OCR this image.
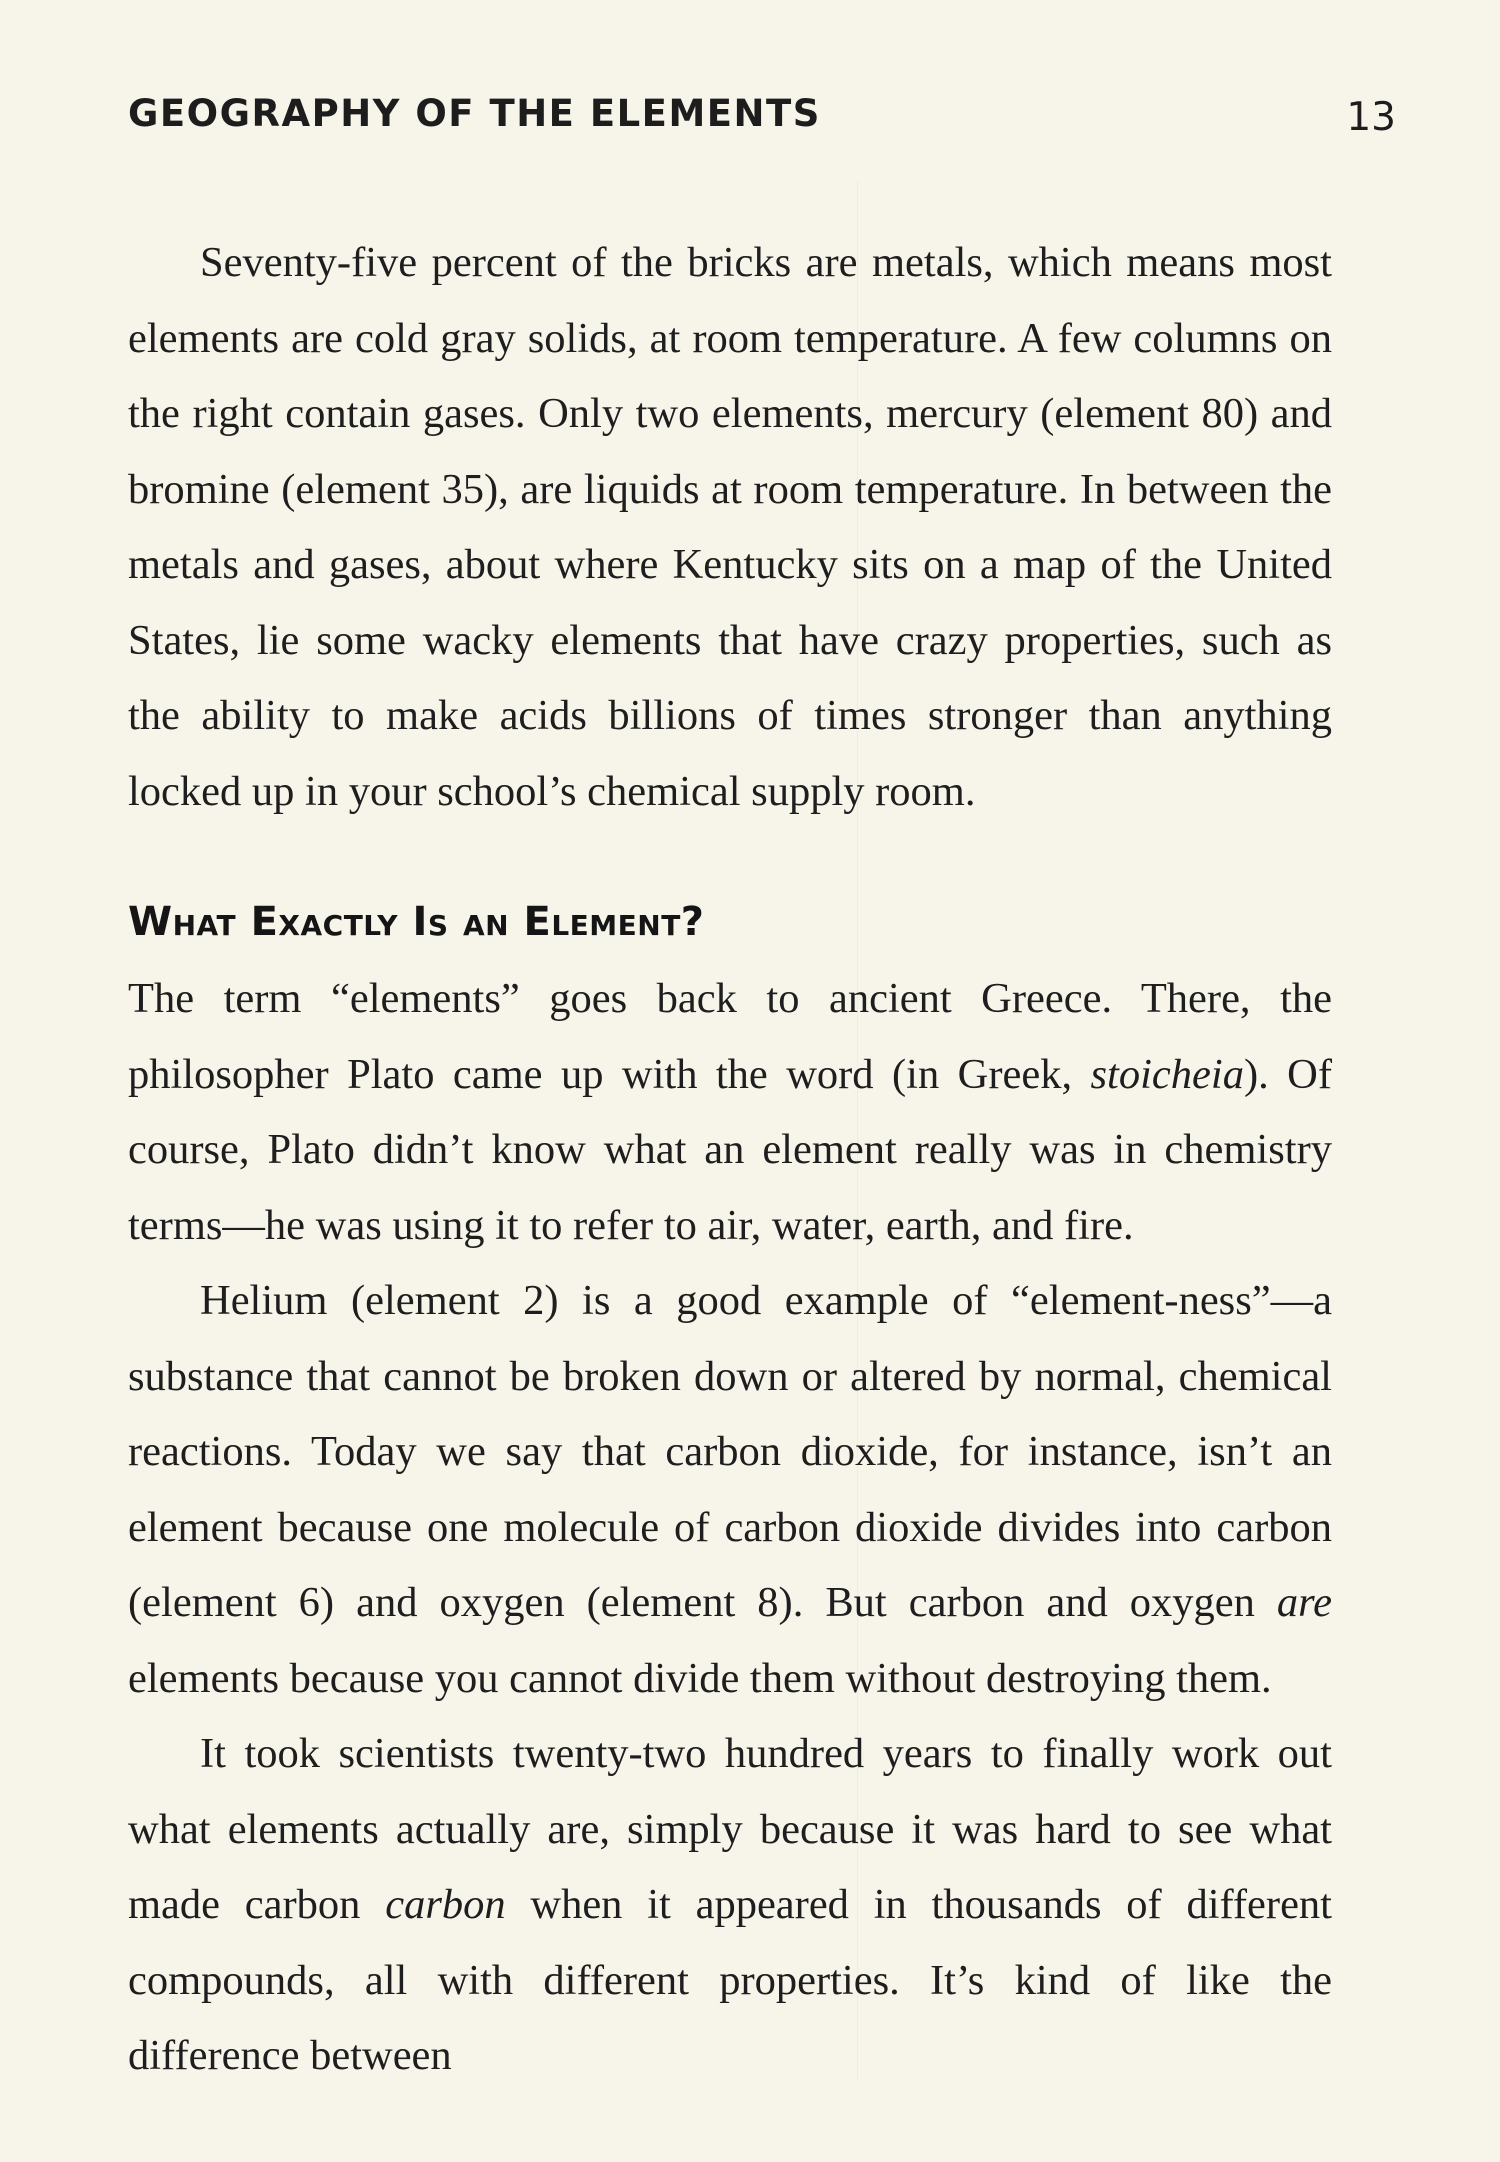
GEOGRAPHY OF THE ELEMENTS	13

Seventy-five percent of the bricks are metals, which means most elements are cold gray solids, at room temperature. A few columns on the right contain gases. Only two elements, mercury (element 80) and bromine (element 35), are liquids at room temperature. In between the metals and gases, about where Kentucky sits on a map of the United States, lie some wacky elements that have crazy properties, such as the ability to make acids billions of times stronger than anything locked up in your school’s chemical supply room.

What Exactly Is an Element?

The term “elements” goes back to ancient Greece. There, the philosopher Plato came up with the word (in Greek, stoicheia). Of course, Plato didn’t know what an element really was in chemistry terms—he was using it to refer to air, water, earth, and fire.

Helium (element 2) is a good example of “element-ness”—a substance that cannot be broken down or altered by normal, chemical reactions. Today we say that carbon dioxide, for instance, isn’t an element because one molecule of carbon dioxide divides into carbon (element 6) and oxygen (element 8). But carbon and oxygen are elements because you cannot divide them without destroying them.

It took scientists twenty-two hundred years to finally work out what elements actually are, simply because it was hard to see what made carbon carbon when it appeared in thousands of different compounds, all with different properties. It’s kind of like the difference between
